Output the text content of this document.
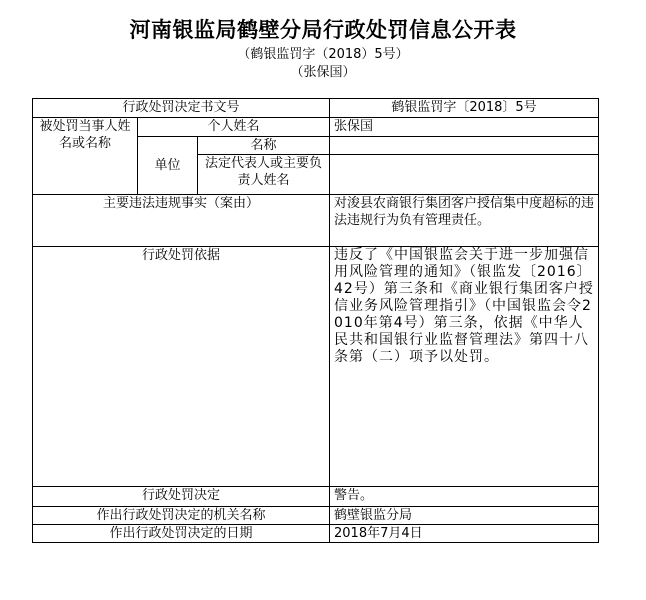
河南银监局鹤壁分局行政处罚信息公开表
（鹤银监罚字（2018）5号）
（张保国）
行政处罚决定书文号			鹤银监罚字〔2018〕5号
被处罚当事人姓名或名称	个人姓名		张保国

	单位	名称	
		法定代表人或主要负责人姓名	
主要违法违规事实（案由）			对浚县农商银行集团客户授信集中度超标的违法违规行为负有管理责任。
行政处罚依据			违反了《中国银监会关于进一步加强信用风险管理的通知》（银监发〔2016〕42号）第三条和《商业银行集团客户授信业务风险管理指引》（中国银监会令2010年第4号）第三条，依据《中华人民共和国银行业监督管理法》第四十八条第（二）项予以处罚。
行政处罚决定			警告。
作出行政处罚决定的机关名称			鹤壁银监分局
作出行政处罚决定的日期			2018年7月4日
